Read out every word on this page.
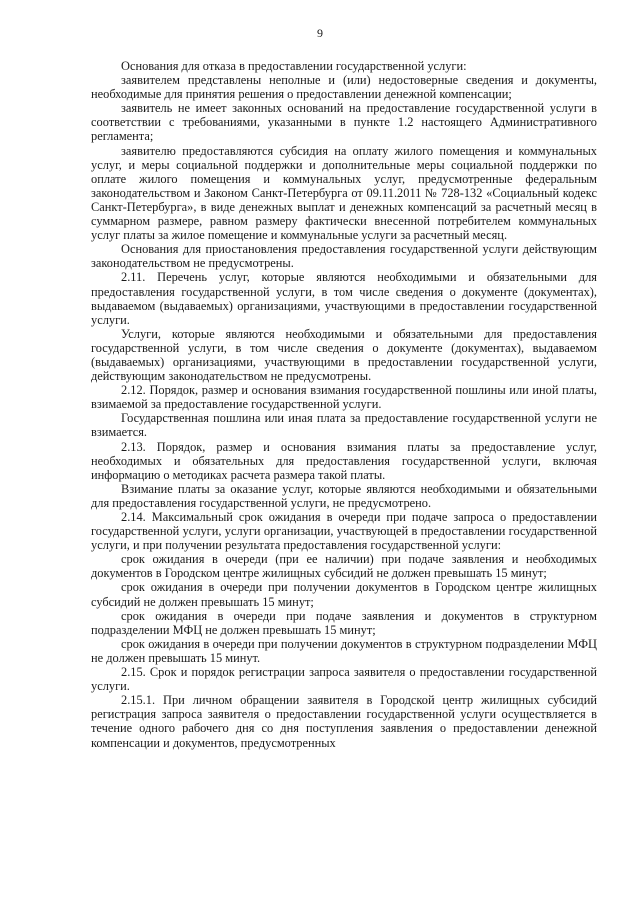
9

Основания для отказа в предоставлении государственной услуги:

заявителем представлены неполные и (или) недостоверные сведения и документы, необходимые для принятия решения о предоставлении денежной компенсации;

заявитель не имеет законных оснований на предоставление государственной услуги в соответствии с требованиями, указанными в пункте 1.2 настоящего Административного регламента;

заявителю предоставляются субсидия на оплату жилого помещения и коммунальных услуг, и меры социальной поддержки и дополнительные меры социальной поддержки по оплате жилого помещения и коммунальных услуг, предусмотренные федеральным законодательством и Законом Санкт-Петербурга от 09.11.2011 № 728-132 «Социальный кодекс Санкт-Петербурга», в виде денежных выплат и денежных компенсаций за расчетный месяц в суммарном размере, равном размеру фактически внесенной потребителем коммунальных услуг платы за жилое помещение и коммунальные услуги за расчетный месяц.

Основания для приостановления предоставления государственной услуги действующим законодательством не предусмотрены.

2.11. Перечень услуг, которые являются необходимыми и обязательными для предоставления государственной услуги, в том числе сведения о документе (документах), выдаваемом (выдаваемых) организациями, участвующими в предоставлении государственной услуги.

Услуги, которые являются необходимыми и обязательными для предоставления государственной услуги, в том числе сведения о документе (документах), выдаваемом (выдаваемых) организациями, участвующими в предоставлении государственной услуги, действующим законодательством не предусмотрены.

2.12. Порядок, размер и основания взимания государственной пошлины или иной платы, взимаемой за предоставление государственной услуги.

Государственная пошлина или иная плата за предоставление государственной услуги не взимается.

2.13. Порядок, размер и основания взимания платы за предоставление услуг, необходимых и обязательных для предоставления государственной услуги, включая информацию о методиках расчета размера такой платы.

Взимание платы за оказание услуг, которые являются необходимыми и обязательными для предоставления государственной услуги, не предусмотрено.

2.14. Максимальный срок ожидания в очереди при подаче запроса о предоставлении государственной услуги, услуги организации, участвующей в предоставлении государственной услуги, и при получении результата предоставления государственной услуги:

срок ожидания в очереди (при ее наличии) при подаче заявления и необходимых документов в Городском центре жилищных субсидий не должен превышать 15 минут;

срок ожидания в очереди при получении документов в Городском центре жилищных субсидий не должен превышать 15 минут;

срок ожидания в очереди при подаче заявления и документов в структурном подразделении МФЦ не должен превышать 15 минут;

срок ожидания в очереди при получении документов в структурном подразделении МФЦ не должен превышать 15 минут.

2.15. Срок и порядок регистрации запроса заявителя о предоставлении государственной услуги.

2.15.1. При личном обращении заявителя в Городской центр жилищных субсидий регистрация запроса заявителя о предоставлении государственной услуги осуществляется в течение одного рабочего дня со дня поступления заявления о предоставлении денежной компенсации и документов, предусмотренных
